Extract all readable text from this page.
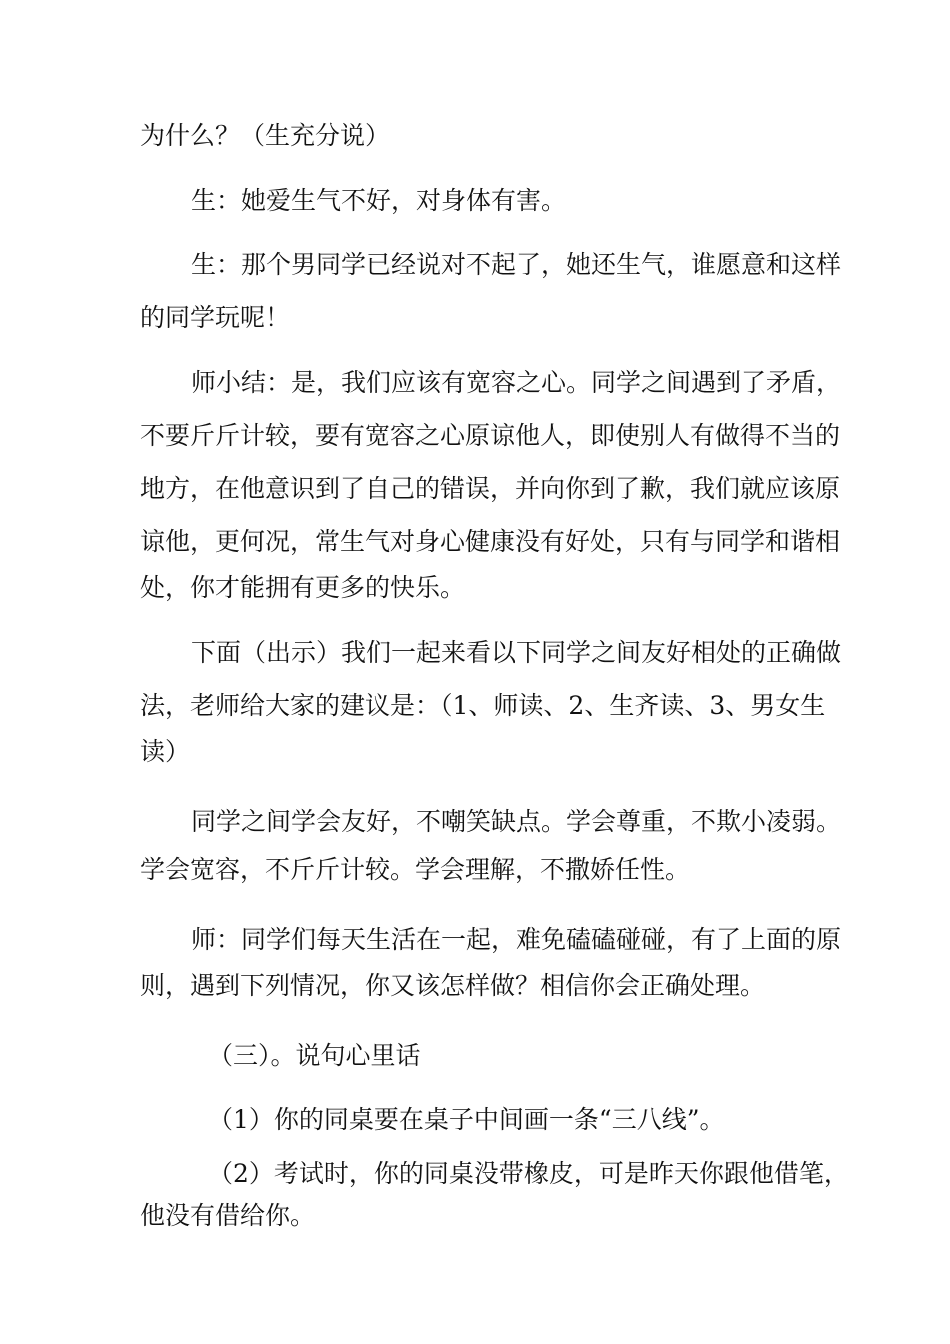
为什么？（生充分说）
生：她爱生气不好，对身体有害。
生：那个男同学已经说对不起了，她还生气，谁愿意和这样
的同学玩呢！
师小结：是，我们应该有宽容之心。同学之间遇到了矛盾，
不要斤斤计较，要有宽容之心原谅他人，即使别人有做得不当的
地方，在他意识到了自己的错误，并向你到了歉，我们就应该原
谅他，更何况，常生气对身心健康没有好处，只有与同学和谐相
处，你才能拥有更多的快乐。
下面（出示）我们一起来看以下同学之间友好相处的正确做
法，老师给大家的建议是：（1、师读、2、生齐读、3、男女生
读）
同学之间学会友好，不嘲笑缺点。学会尊重，不欺小凌弱。
学会宽容，不斤斤计较。学会理解，不撒娇任性。
师：同学们每天生活在一起，难免磕磕碰碰，有了上面的原
则，遇到下列情况，你又该怎样做？相信你会正确处理。
（三）。说句心里话
（1）你的同桌要在桌子中间画一条“三八线”。
（2）考试时，你的同桌没带橡皮，可是昨天你跟他借笔，
他没有借给你。
